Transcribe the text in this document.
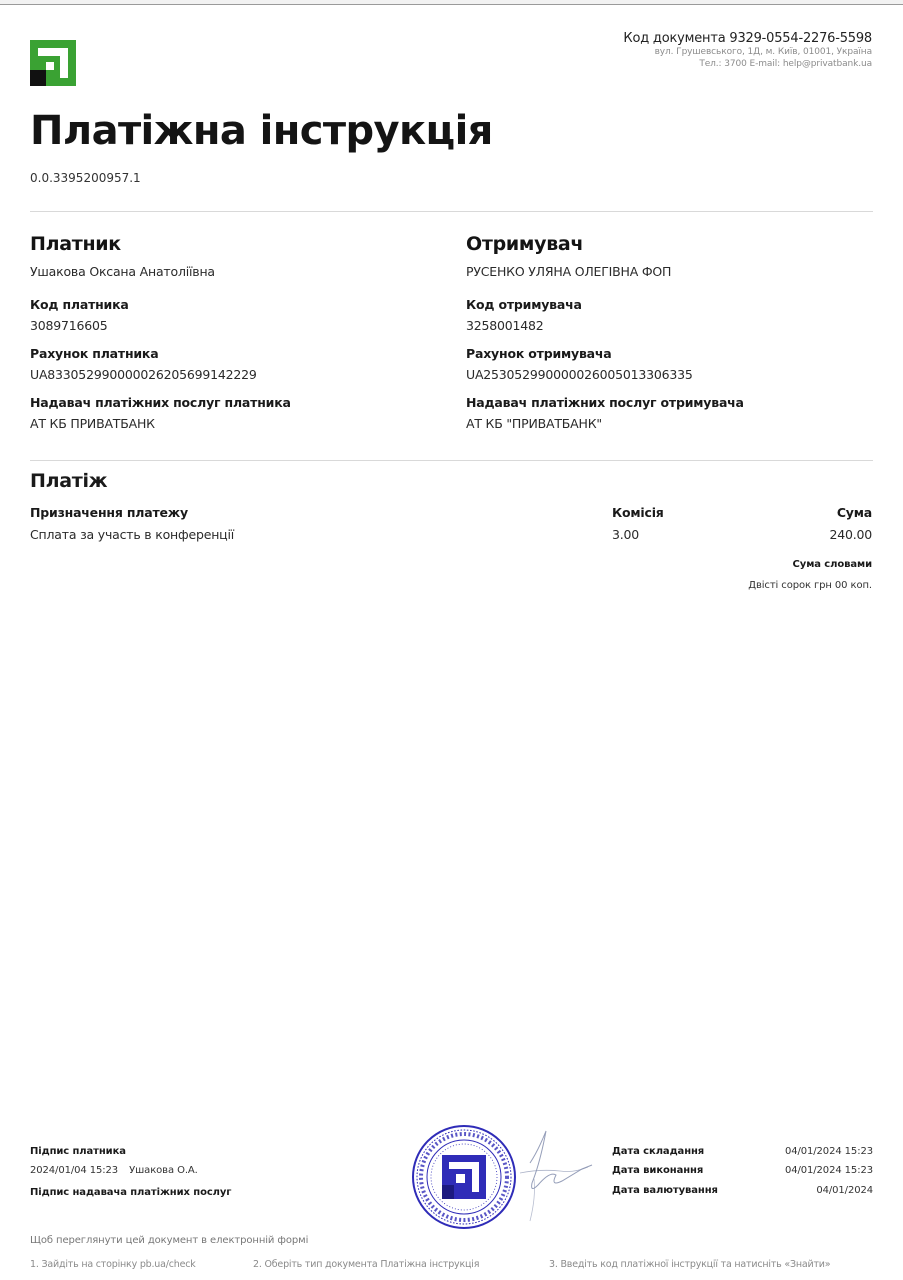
Код документа 9329-0554-2276-5598
вул. Грушевського, 1Д, м. Київ, 01001, Україна
Тел.: 3700 E-mail: help@privatbank.ua
Платіжна інструкція
0.0.3395200957.1
Платник
Ушакова Оксана Анатоліївна
Код платника
3089716605
Рахунок платника
UA833052990000026205699142229
Надавач платіжних послуг платника
АТ КБ ПРИВАТБАНК
Отримувач
РУСЕНКО УЛЯНА ОЛЕГІВНА ФОП
Код отримувача
3258001482
Рахунок отримувача
UA253052990000026005013306335
Надавач платіжних послуг отримувача
АТ КБ "ПРИВАТБАНК"
Платіж
Призначення платежу	Комісія	Сума
Сплата за участь в конференції	3.00	240.00
Сума словами
Двісті сорок грн 00 коп.
Підпис платника
2024/01/04 15:23 Ушакова О.А.
Підпис надавача платіжних послуг
Дата складання	04/01/2024 15:23
Дата виконання	04/01/2024 15:23
Дата валютування	04/01/2024
Щоб переглянути цей документ в електронній формі
1. Зайдіть на сторінку pb.ua/check	2. Оберіть тип документа Платіжна інструкція	3. Введіть код платіжної інструкції та натисніть «Знайти»
